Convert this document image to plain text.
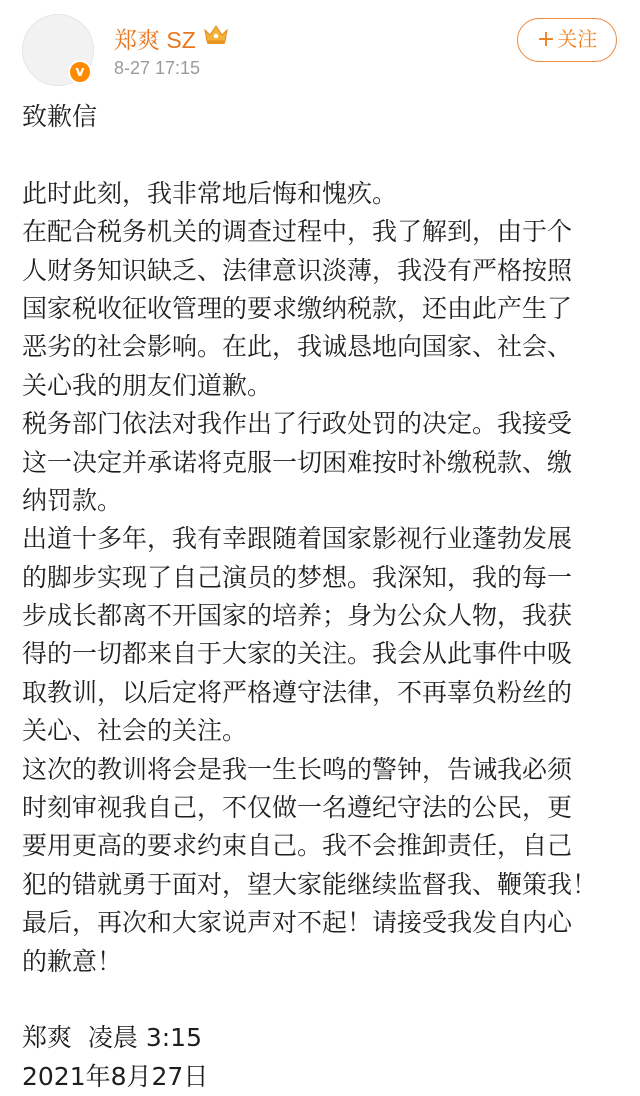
v
郑爽 SZ
8-27 17:15
+ 关注
致歉信
此时此刻，我非常地后悔和愧疚。
在配合税务机关的调查过程中，我了解到，由于个
人财务知识缺乏、法律意识淡薄，我没有严格按照
国家税收征收管理的要求缴纳税款，还由此产生了
恶劣的社会影响。在此，我诚恳地向国家、社会、
关心我的朋友们道歉。
税务部门依法对我作出了行政处罚的决定。我接受
这一决定并承诺将克服一切困难按时补缴税款、缴
纳罚款。
出道十多年，我有幸跟随着国家影视行业蓬勃发展
的脚步实现了自己演员的梦想。我深知，我的每一
步成长都离不开国家的培养；身为公众人物，我获
得的一切都来自于大家的关注。我会从此事件中吸
取教训，以后定将严格遵守法律，不再辜负粉丝的
关心、社会的关注。
这次的教训将会是我一生长鸣的警钟，告诫我必须
时刻审视我自己，不仅做一名遵纪守法的公民，更
要用更高的要求约束自己。我不会推卸责任，自己
犯的错就勇于面对，望大家能继续监督我、鞭策我！
最后，再次和大家说声对不起！请接受我发自内心
的歉意！
郑爽  凌晨 3:15
2021年8月27日
